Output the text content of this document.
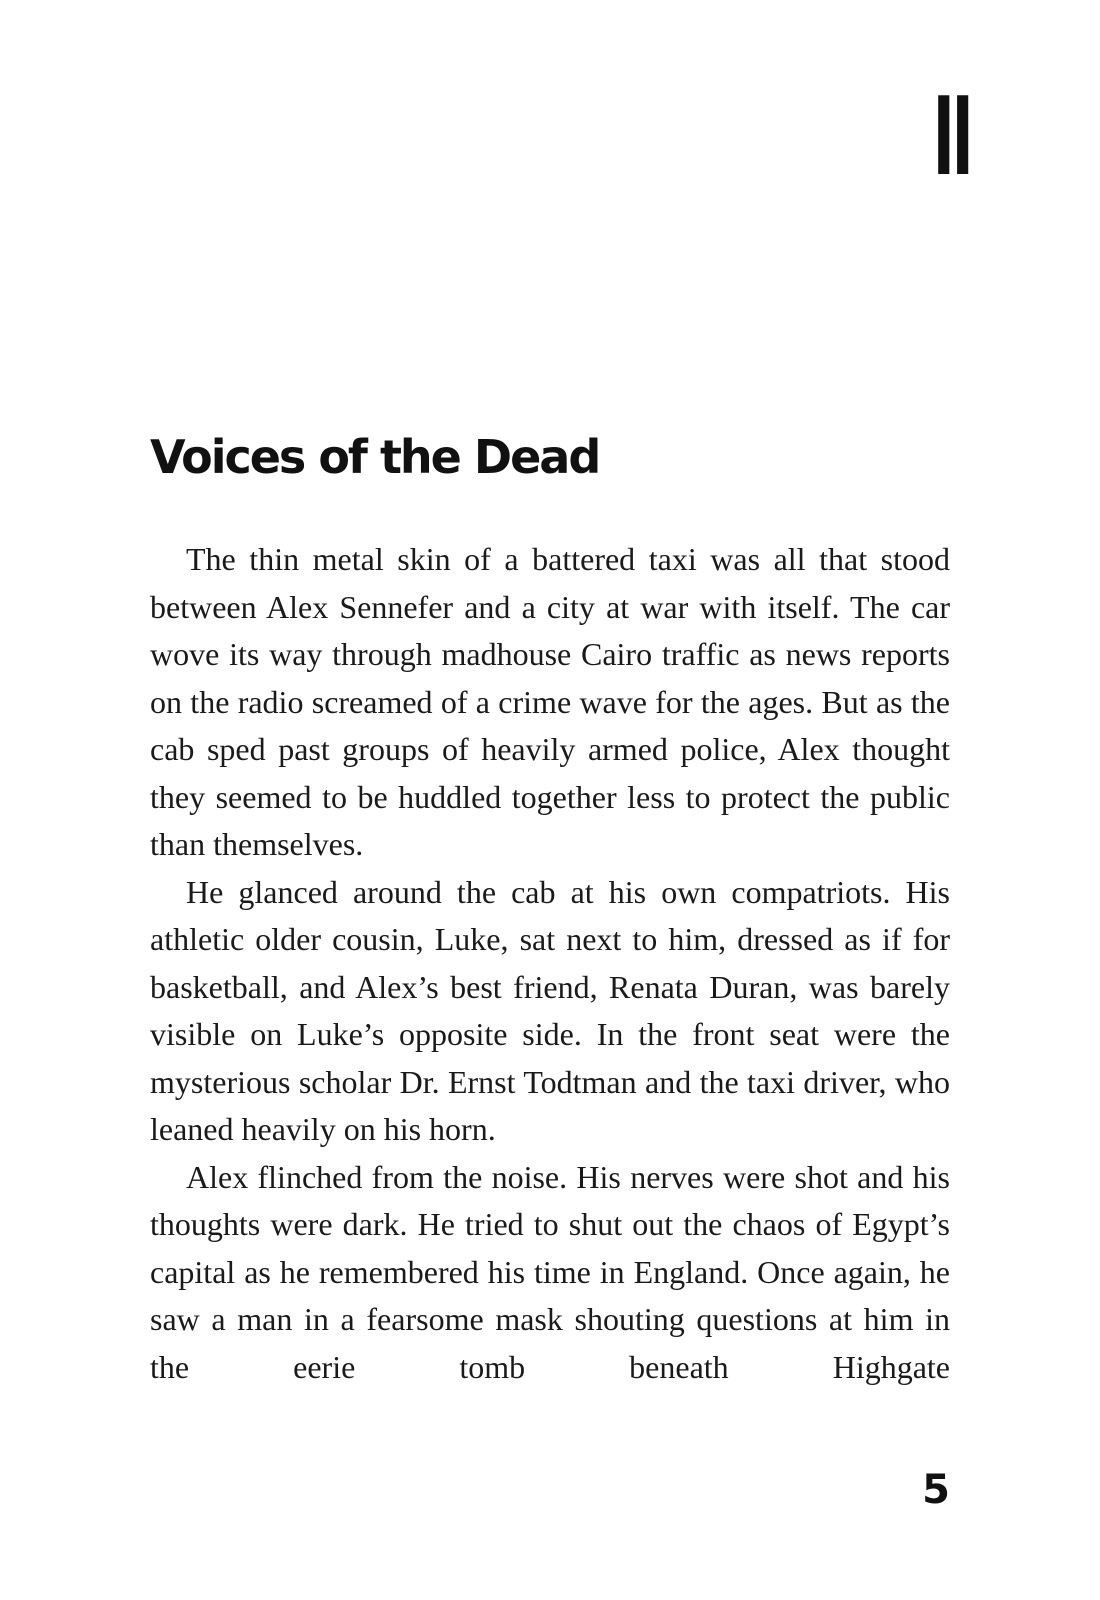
II
Voices of the Dead

The thin metal skin of a battered taxi was all that stood between Alex Sennefer and a city at war with itself. The car wove its way through madhouse Cairo traffic as news reports on the radio screamed of a crime wave for the ages. But as the cab sped past groups of heavily armed police, Alex thought they seemed to be huddled together less to protect the public than themselves.

He glanced around the cab at his own compatriots. His athletic older cousin, Luke, sat next to him, dressed as if for basketball, and Alex’s best friend, Renata Duran, was barely visible on Luke’s opposite side. In the front seat were the mysterious scholar Dr. Ernst Todtman and the taxi driver, who leaned heavily on his horn.

Alex flinched from the noise. His nerves were shot and his thoughts were dark. He tried to shut out the chaos of Egypt’s capital as he remembered his time in England. Once again, he saw a man in a fearsome mask shouting questions at him in the eerie tomb beneath Highgate

5
